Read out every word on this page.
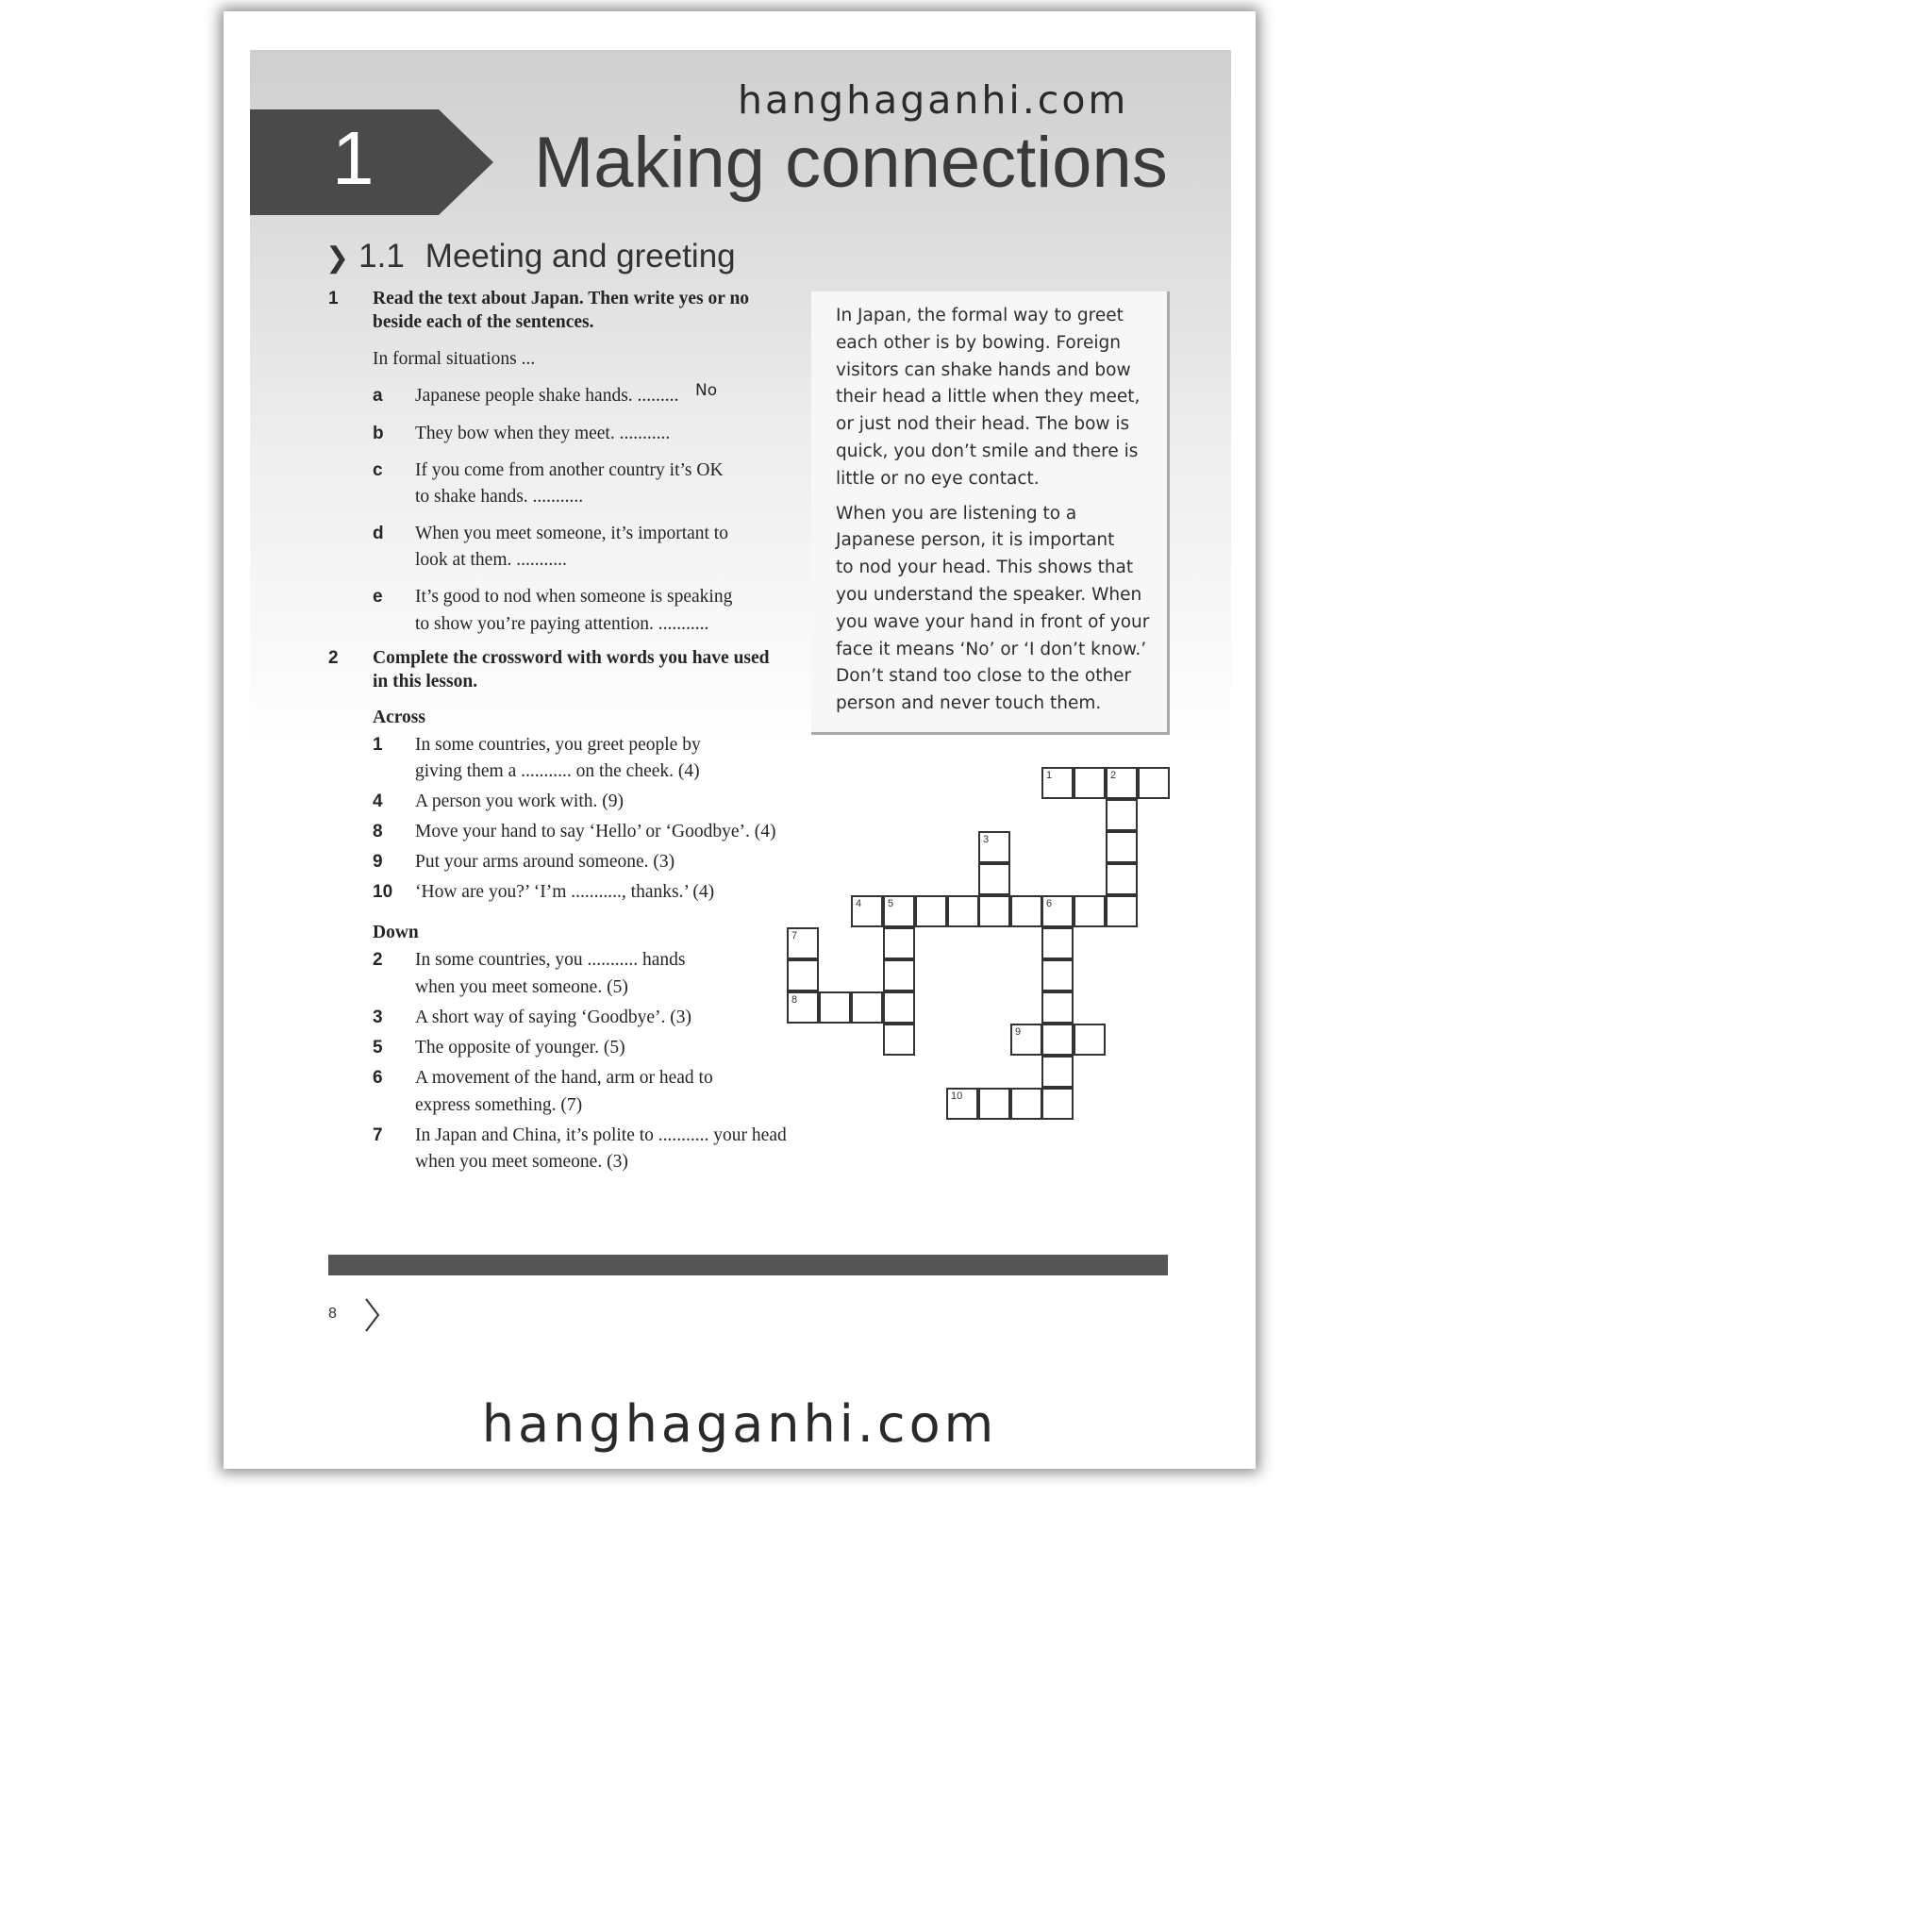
hanghaganhi.com
1 Making connections
❯ 1.1 Meeting and greeting
1 Read the text about Japan. Then write yes or no
beside each of the sentences.
In formal situations ...
a Japanese people shake hands. ......... No
b They bow when they meet. ...........
c If you come from another country it’s OK
to shake hands. ...........
d When you meet someone, it’s important to
look at them. ...........
e It’s good to nod when someone is speaking
to show you’re paying attention. ...........
2 Complete the crossword with words you have used
in this lesson.
Across
1 In some countries, you greet people by
giving them a ........... on the cheek. (4)
4 A person you work with. (9)
8 Move your hand to say ‘Hello’ or ‘Goodbye’. (4)
9 Put your arms around someone. (3)
10 ‘How are you?’ ‘I’m ..........., thanks.’ (4)
Down
2 In some countries, you ........... hands
when you meet someone. (5)
3 A short way of saying ‘Goodbye’. (3)
5 The opposite of younger. (5)
6 A movement of the hand, arm or head to
express something. (7)
7 In Japan and China, it’s polite to ........... your head
when you meet someone. (3)

In Japan, the formal way to greet
each other is by bowing. Foreign
visitors can shake hands and bow
their head a little when they meet,
or just nod their head. The bow is
quick, you don’t smile and there is
little or no eye contact.

When you are listening to a
Japanese person, it is important
to nod your head. This shows that
you understand the speaker. When
you wave your hand in front of your
face it means ‘No’ or ‘I don’t know.’
Don’t stand too close to the other
person and never touch them.

1	2
3
4	5	6
7
8
9
10
8
hanghaganhi.com
